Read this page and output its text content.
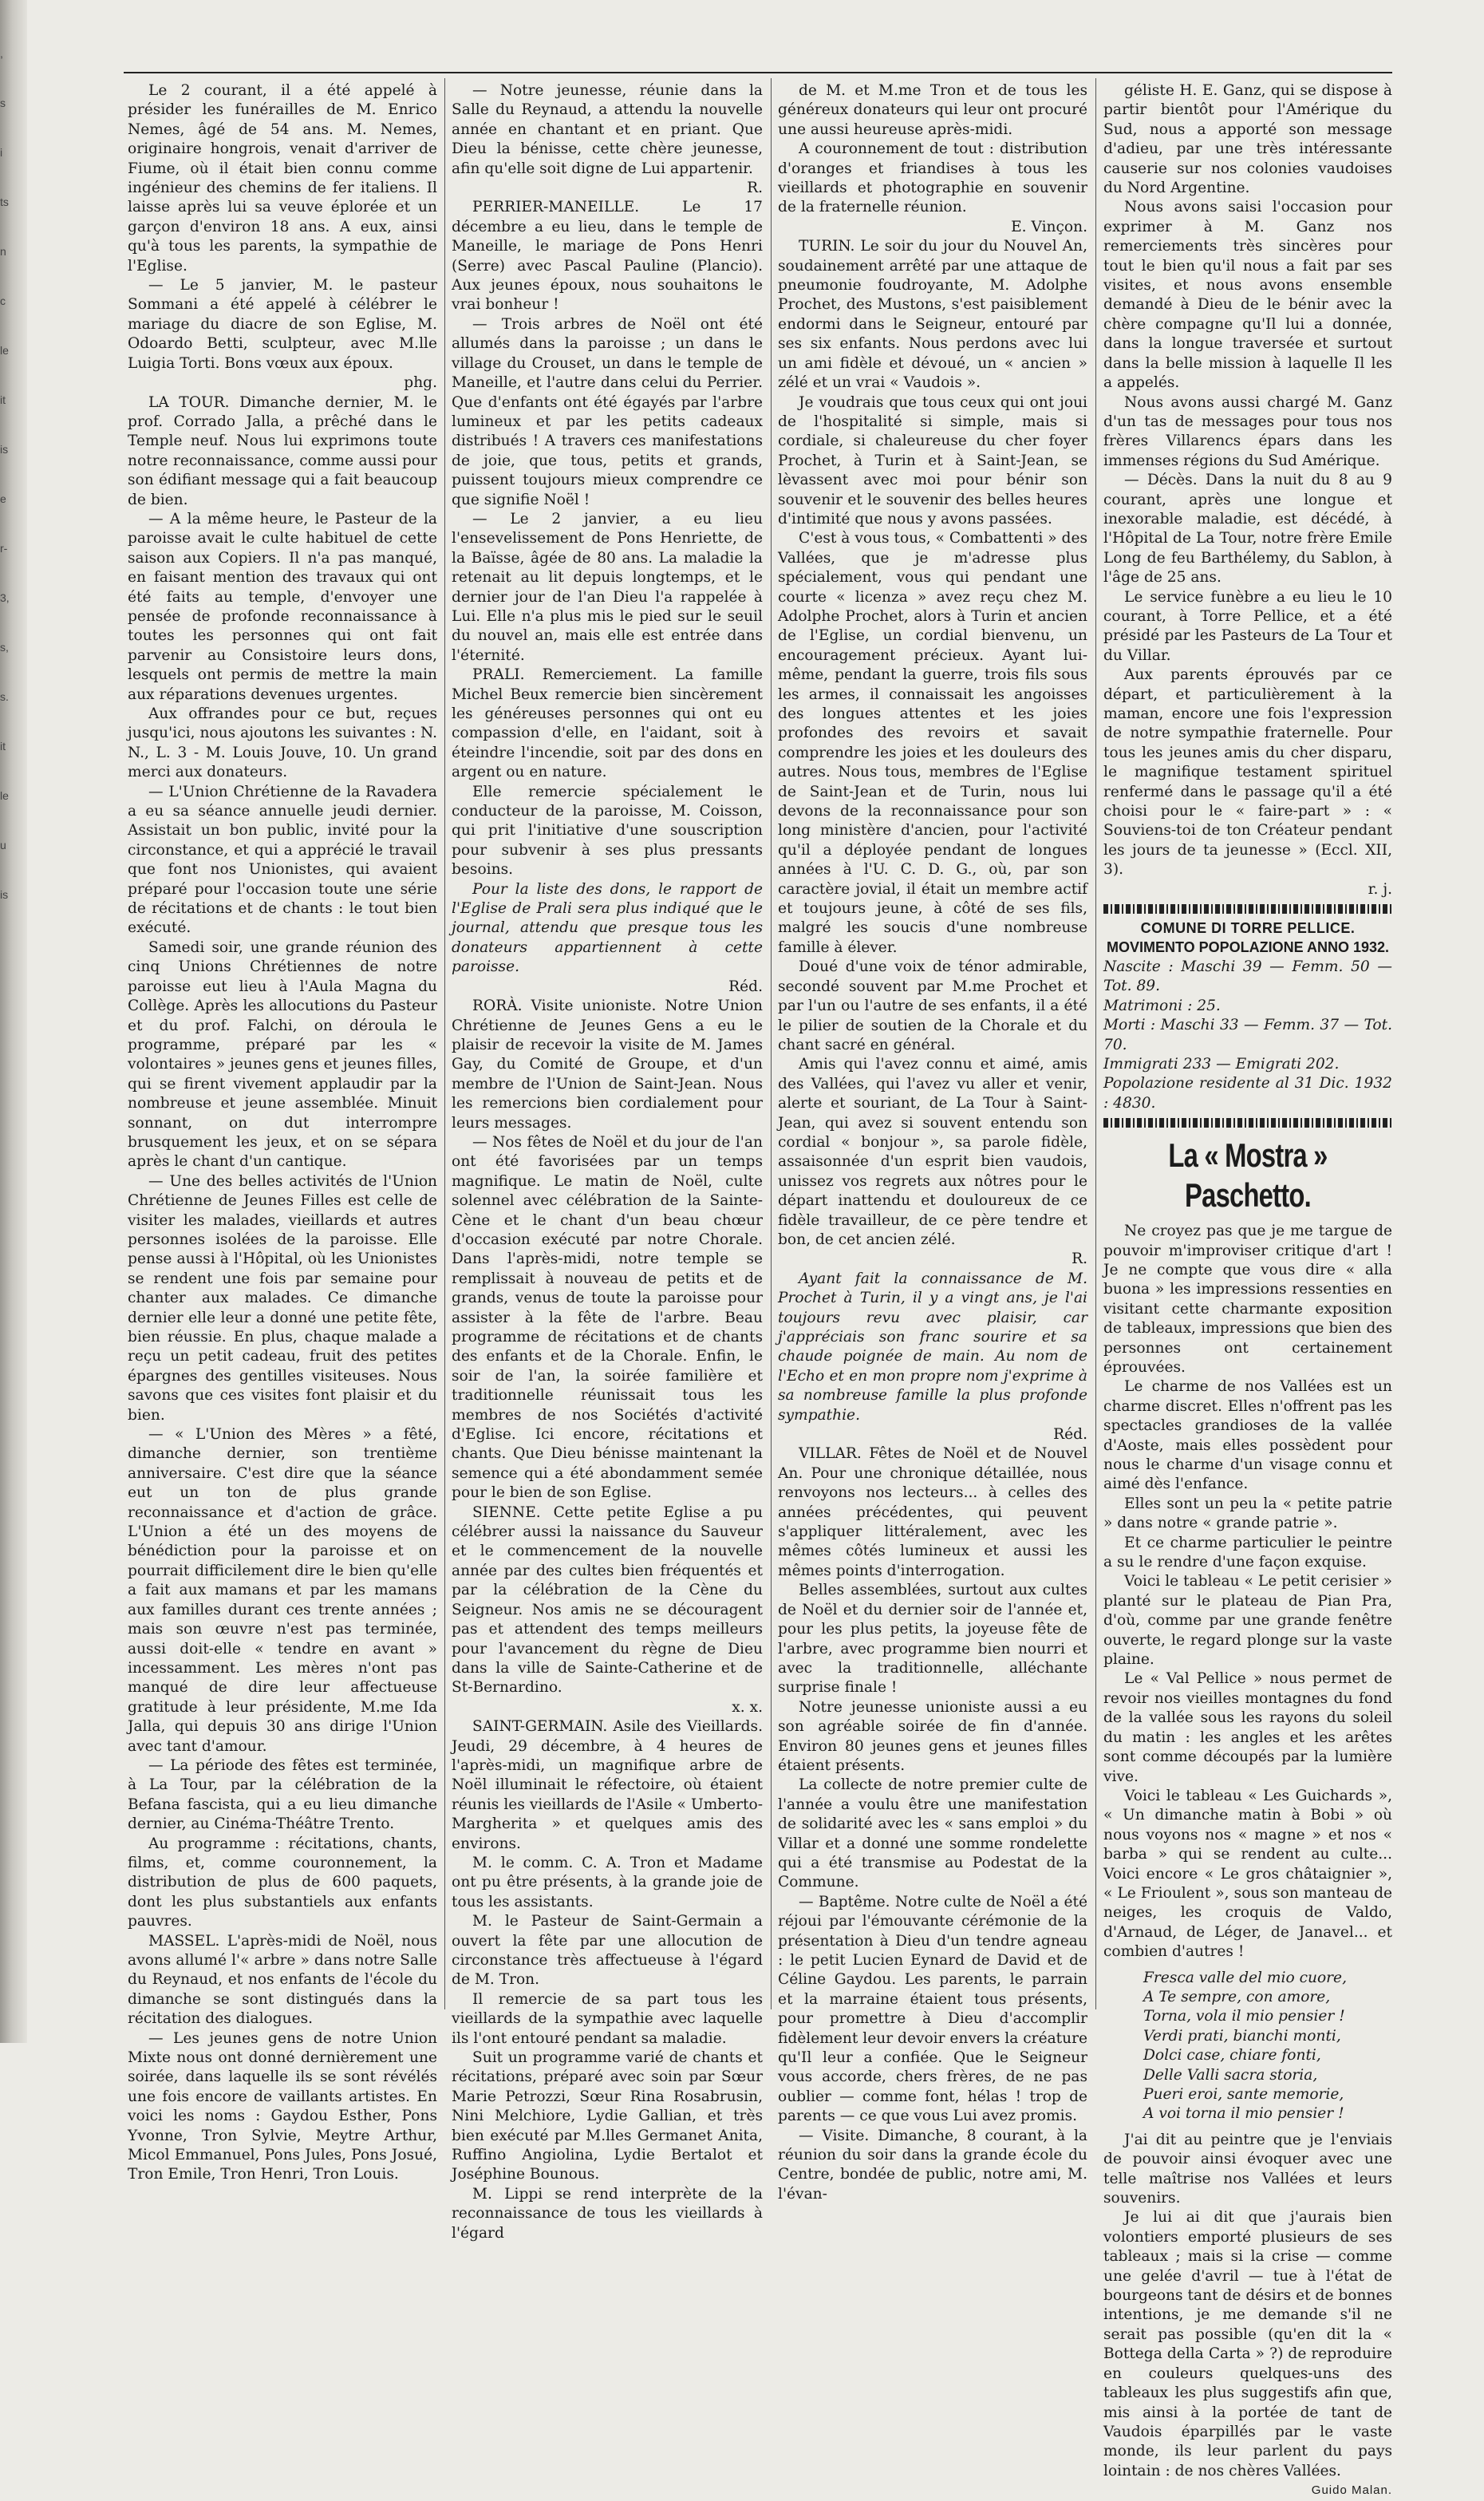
,
s
i
ts
n
c
le
it
is
e
r-
3,
s,
s.
it
le
u
is

Le 2 courant, il a été appelé à présider les funérailles de M. Enrico Nemes, âgé de 54 ans. M. Nemes, originaire hongrois, venait d'arriver de Fiume, où il était bien connu comme ingénieur des chemins de fer italiens. Il laisse après lui sa veuve éplorée et un garçon d'environ 18 ans. A eux, ainsi qu'à tous les parents, la sympathie de l'Eglise.

— Le 5 janvier, M. le pasteur Sommani a été appelé à célébrer le mariage du diacre de son Eglise, M. Odoardo Betti, sculpteur, avec M.lle Luigia Torti. Bons vœux aux époux.

phg.

LA TOUR. Dimanche dernier, M. le prof. Corrado Jalla, a prêché dans le Temple neuf. Nous lui exprimons toute notre reconnaissance, comme aussi pour son édifiant message qui a fait beaucoup de bien.

— A la même heure, le Pasteur de la paroisse avait le culte habituel de cette saison aux Copiers. Il n'a pas manqué, en faisant mention des travaux qui ont été faits au temple, d'envoyer une pensée de profonde reconnaissance à toutes les personnes qui ont fait parvenir au Consistoire leurs dons, lesquels ont permis de mettre la main aux réparations devenues urgentes.

Aux offrandes pour ce but, reçues jusqu'ici, nous ajoutons les suivantes : N. N., L. 3 - M. Louis Jouve, 10. Un grand merci aux donateurs.

— L'Union Chrétienne de la Ravadera a eu sa séance annuelle jeudi dernier. Assistait un bon public, invité pour la circonstance, et qui a apprécié le travail que font nos Unionistes, qui avaient préparé pour l'occasion toute une série de récitations et de chants : le tout bien exécuté.

Samedi soir, une grande réunion des cinq Unions Chrétiennes de notre paroisse eut lieu à l'Aula Magna du Collège. Après les allocutions du Pasteur et du prof. Falchi, on déroula le programme, préparé par les « volontaires » jeunes gens et jeunes filles, qui se firent vivement applaudir par la nombreuse et jeune assemblée. Minuit sonnant, on dut interrompre brusquement les jeux, et on se sépara après le chant d'un cantique.

— Une des belles activités de l'Union Chrétienne de Jeunes Filles est celle de visiter les malades, vieillards et autres personnes isolées de la paroisse. Elle pense aussi à l'Hôpital, où les Unionistes se rendent une fois par semaine pour chanter aux malades. Ce dimanche dernier elle leur a donné une petite fête, bien réussie. En plus, chaque malade a reçu un petit cadeau, fruit des petites épargnes des gentilles visiteuses. Nous savons que ces visites font plaisir et du bien.

— « L'Union des Mères » a fêté, dimanche dernier, son trentième anniversaire. C'est dire que la séance eut un ton de plus grande reconnaissance et d'action de grâce. L'Union a été un des moyens de bénédiction pour la paroisse et on pourrait difficilement dire le bien qu'elle a fait aux mamans et par les mamans aux familles durant ces trente années ; mais son œuvre n'est pas terminée, aussi doit-elle « tendre en avant » incessamment. Les mères n'ont pas manqué de dire leur affectueuse gratitude à leur présidente, M.me Ida Jalla, qui depuis 30 ans dirige l'Union avec tant d'amour.

— La période des fêtes est terminée, à La Tour, par la célébration de la Befana fascista, qui a eu lieu dimanche dernier, au Cinéma-Théâtre Trento.

Au programme : récitations, chants, films, et, comme couronnement, la distribution de plus de 600 paquets, dont les plus substantiels aux enfants pauvres.

MASSEL. L'après-midi de Noël, nous avons allumé l'« arbre » dans notre Salle du Reynaud, et nos enfants de l'école du dimanche se sont distingués dans la récitation des dialogues.

— Les jeunes gens de notre Union Mixte nous ont donné dernièrement une soirée, dans laquelle ils se sont révélés une fois encore de vaillants artistes. En voici les noms : Gaydou Esther, Pons Yvonne, Tron Sylvie, Meytre Arthur, Micol Emmanuel, Pons Jules, Pons Josué, Tron Emile, Tron Henri, Tron Louis.

— Notre jeunesse, réunie dans la Salle du Reynaud, a attendu la nouvelle année en chantant et en priant. Que Dieu la bénisse, cette chère jeunesse, afin qu'elle soit digne de Lui appartenir.

R.

PERRIER-MANEILLE. Le 17 décembre a eu lieu, dans le temple de Maneille, le mariage de Pons Henri (Serre) avec Pascal Pauline (Plancio). Aux jeunes époux, nous souhaitons le vrai bonheur !

— Trois arbres de Noël ont été allumés dans la paroisse ; un dans le village du Crouset, un dans le temple de Maneille, et l'autre dans celui du Perrier. Que d'enfants ont été égayés par l'arbre lumineux et par les petits cadeaux distribués ! A travers ces manifestations de joie, que tous, petits et grands, puissent toujours mieux comprendre ce que signifie Noël !

— Le 2 janvier, a eu lieu l'ensevelissement de Pons Henriette, de la Baïsse, âgée de 80 ans. La maladie la retenait au lit depuis longtemps, et le dernier jour de l'an Dieu l'a rappelée à Lui. Elle n'a plus mis le pied sur le seuil du nouvel an, mais elle est entrée dans l'éternité.

PRALI. Remerciement. La famille Michel Beux remercie bien sincèrement les généreuses personnes qui ont eu compassion d'elle, en l'aidant, soit à éteindre l'incendie, soit par des dons en argent ou en nature.

Elle remercie spécialement le conducteur de la paroisse, M. Coisson, qui prit l'initiative d'une souscription pour subvenir à ses plus pressants besoins.

Pour la liste des dons, le rapport de l'Eglise de Prali sera plus indiqué que le journal, attendu que presque tous les donateurs appartiennent à cette paroisse.

Réd.

RORÀ. Visite unioniste. Notre Union Chrétienne de Jeunes Gens a eu le plaisir de recevoir la visite de M. James Gay, du Comité de Groupe, et d'un membre de l'Union de Saint-Jean. Nous les remercions bien cordialement pour leurs messages.

— Nos fêtes de Noël et du jour de l'an ont été favorisées par un temps magnifique. Le matin de Noël, culte solennel avec célébration de la Sainte-Cène et le chant d'un beau chœur d'occasion exécuté par notre Chorale. Dans l'après-midi, notre temple se remplissait à nouveau de petits et de grands, venus de toute la paroisse pour assister à la fête de l'arbre. Beau programme de récitations et de chants des enfants et de la Chorale. Enfin, le soir de l'an, la soirée familière et traditionnelle réunissait tous les membres de nos Sociétés d'activité d'Eglise. Ici encore, récitations et chants. Que Dieu bénisse maintenant la semence qui a été abondamment semée pour le bien de son Eglise.

SIENNE. Cette petite Eglise a pu célébrer aussi la naissance du Sauveur et le commencement de la nouvelle année par des cultes bien fréquentés et par la célébration de la Cène du Seigneur. Nos amis ne se découragent pas et attendent des temps meilleurs pour l'avancement du règne de Dieu dans la ville de Sainte-Catherine et de St-Bernardino.

x. x.

SAINT-GERMAIN. Asile des Vieillards. Jeudi, 29 décembre, à 4 heures de l'après-midi, un magnifique arbre de Noël illuminait le réfectoire, où étaient réunis les vieillards de l'Asile « Umberto-Margherita » et quelques amis des environs.

M. le comm. C. A. Tron et Madame ont pu être présents, à la grande joie de tous les assistants.

M. le Pasteur de Saint-Germain a ouvert la fête par une allocution de circonstance très affectueuse à l'égard de M. Tron.

Il remercie de sa part tous les vieillards de la sympathie avec laquelle ils l'ont entouré pendant sa maladie.

Suit un programme varié de chants et récitations, préparé avec soin par Sœur Marie Petrozzi, Sœur Rina Rosabrusin, Nini Melchiore, Lydie Gallian, et très bien exécuté par M.lles Germanet Anita, Ruffino Angiolina, Lydie Bertalot et Joséphine Bounous.

M. Lippi se rend interprète de la reconnaissance de tous les vieillards à l'égard

de M. et M.me Tron et de tous les généreux donateurs qui leur ont procuré une aussi heureuse après-midi.

A couronnement de tout : distribution d'oranges et friandises à tous les vieillards et photographie en souvenir de la fraternelle réunion.

E. Vinçon.

TURIN. Le soir du jour du Nouvel An, soudainement arrêté par une attaque de pneumonie foudroyante, M. Adolphe Prochet, des Mustons, s'est paisiblement endormi dans le Seigneur, entouré par ses six enfants. Nous perdons avec lui un ami fidèle et dévoué, un « ancien » zélé et un vrai « Vaudois ».

Je voudrais que tous ceux qui ont joui de l'hospitalité si simple, mais si cordiale, si chaleureuse du cher foyer Prochet, à Turin et à Saint-Jean, se lèvassent avec moi pour bénir son souvenir et le souvenir des belles heures d'intimité que nous y avons passées.

C'est à vous tous, « Combattenti » des Vallées, que je m'adresse plus spécialement, vous qui pendant une courte « licenza » avez reçu chez M. Adolphe Prochet, alors à Turin et ancien de l'Eglise, un cordial bienvenu, un encouragement précieux. Ayant lui-même, pendant la guerre, trois fils sous les armes, il connaissait les angoisses des longues attentes et les joies profondes des revoirs et savait comprendre les joies et les douleurs des autres. Nous tous, membres de l'Eglise de Saint-Jean et de Turin, nous lui devons de la reconnaissance pour son long ministère d'ancien, pour l'activité qu'il a déployée pendant de longues années à l'U. C. D. G., où, par son caractère jovial, il était un membre actif et toujours jeune, à côté de ses fils, malgré les soucis d'une nombreuse famille à élever.

Doué d'une voix de ténor admirable, secondé souvent par M.me Prochet et par l'un ou l'autre de ses enfants, il a été le pilier de soutien de la Chorale et du chant sacré en général.

Amis qui l'avez connu et aimé, amis des Vallées, qui l'avez vu aller et venir, alerte et souriant, de La Tour à Saint-Jean, qui avez si souvent entendu son cordial « bonjour », sa parole fidèle, assaisonnée d'un esprit bien vaudois, unissez vos regrets aux nôtres pour le départ inattendu et douloureux de ce fidèle travailleur, de ce père tendre et bon, de cet ancien zélé.

R.

Ayant fait la connaissance de M. Prochet à Turin, il y a vingt ans, je l'ai toujours revu avec plaisir, car j'appréciais son franc sourire et sa chaude poignée de main. Au nom de l'Echo et en mon propre nom j'exprime à sa nombreuse famille la plus profonde sympathie.

Réd.

VILLAR. Fêtes de Noël et de Nouvel An. Pour une chronique détaillée, nous renvoyons nos lecteurs... à celles des années précédentes, qui peuvent s'appliquer littéralement, avec les mêmes côtés lumineux et aussi les mêmes points d'interrogation.

Belles assemblées, surtout aux cultes de Noël et du dernier soir de l'année et, pour les plus petits, la joyeuse fête de l'arbre, avec programme bien nourri et avec la traditionnelle, alléchante surprise finale !

Notre jeunesse unioniste aussi a eu son agréable soirée de fin d'année. Environ 80 jeunes gens et jeunes filles étaient présents.

La collecte de notre premier culte de l'année a voulu être une manifestation de solidarité avec les « sans emploi » du Villar et a donné une somme rondelette qui a été transmise au Podestat de la Commune.

— Baptême. Notre culte de Noël a été réjoui par l'émouvante cérémonie de la présentation à Dieu d'un tendre agneau : le petit Lucien Eynard de David et de Céline Gaydou. Les parents, le parrain et la marraine étaient tous présents, pour promettre à Dieu d'accomplir fidèlement leur devoir envers la créature qu'Il leur a confiée. Que le Seigneur vous accorde, chers frères, de ne pas oublier — comme font, hélas ! trop de parents — ce que vous Lui avez promis.

— Visite. Dimanche, 8 courant, à la réunion du soir dans la grande école du Centre, bondée de public, notre ami, M. l'évan-

géliste H. E. Ganz, qui se dispose à partir bientôt pour l'Amérique du Sud, nous a apporté son message d'adieu, par une très intéressante causerie sur nos colonies vaudoises du Nord Argentine.

Nous avons saisi l'occasion pour exprimer à M. Ganz nos remerciements très sincères pour tout le bien qu'il nous a fait par ses visites, et nous avons ensemble demandé à Dieu de le bénir avec la chère compagne qu'Il lui a donnée, dans la longue traversée et surtout dans la belle mission à laquelle Il les a appelés.

Nous avons aussi chargé M. Ganz d'un tas de messages pour tous nos frères Villarencs épars dans les immenses régions du Sud Amérique.

— Décès. Dans la nuit du 8 au 9 courant, après une longue et inexorable maladie, est décédé, à l'Hôpital de La Tour, notre frère Emile Long de feu Barthélemy, du Sablon, à l'âge de 25 ans.

Le service funèbre a eu lieu le 10 courant, à Torre Pellice, et a été présidé par les Pasteurs de La Tour et du Villar.

Aux parents éprouvés par ce départ, et particulièrement à la maman, encore une fois l'expression de notre sympathie fraternelle. Pour tous les jeunes amis du cher disparu, le magnifique testament spirituel renfermé dans le passage qu'il a été choisi pour le « faire-part » : « Souviens-toi de ton Créateur pendant les jours de ta jeunesse » (Eccl. XII, 3).

r. j.

COMUNE DI TORRE PELLICE.

MOVIMENTO POPOLAZIONE ANNO 1932.

Nascite : Maschi 39 — Femm. 50 — Tot. 89.

Matrimoni : 25.

Morti : Maschi 33 — Femm. 37 — Tot. 70.

Immigrati 233 — Emigrati 202.

Popolazione residente al 31 Dic. 1932 : 4830.

La « Mostra » Paschetto.

Ne croyez pas que je me targue de pouvoir m'improviser critique d'art ! Je ne compte que vous dire « alla buona » les impressions ressenties en visitant cette charmante exposition de tableaux, impressions que bien des personnes ont certainement éprouvées.

Le charme de nos Vallées est un charme discret. Elles n'offrent pas les spectacles grandioses de la vallée d'Aoste, mais elles possèdent pour nous le charme d'un visage connu et aimé dès l'enfance.

Elles sont un peu la « petite patrie » dans notre « grande patrie ».

Et ce charme particulier le peintre a su le rendre d'une façon exquise.

Voici le tableau « Le petit cerisier » planté sur le plateau de Pian Pra, d'où, comme par une grande fenêtre ouverte, le regard plonge sur la vaste plaine.

Le « Val Pellice » nous permet de revoir nos vieilles montagnes du fond de la vallée sous les rayons du soleil du matin : les angles et les arêtes sont comme découpés par la lumière vive.

Voici le tableau « Les Guichards », « Un dimanche matin à Bobi » où nous voyons nos « magne » et nos « barba » qui se rendent au culte... Voici encore « Le gros châtaignier », « Le Frioulent », sous son manteau de neiges, les croquis de Valdo, d'Arnaud, de Léger, de Janavel... et combien d'autres !

Fresca valle del mio cuore,
A Te sempre, con amore,
Torna, vola il mio pensier !
Verdi prati, bianchi monti,
Dolci case, chiare fonti,
Delle Valli sacra storia,
Pueri eroi, sante memorie,
A voi torna il mio pensier !

J'ai dit au peintre que je l'enviais de pouvoir ainsi évoquer avec une telle maîtrise nos Vallées et leurs souvenirs.

Je lui ai dit que j'aurais bien volontiers emporté plusieurs de ses tableaux ; mais si la crise — comme une gelée d'avril — tue à l'état de bourgeons tant de désirs et de bonnes intentions, je me demande s'il ne serait pas possible (qu'en dit la « Bottega della Carta » ?) de reproduire en couleurs quelques-uns des tableaux les plus suggestifs afin que, mis ainsi à la portée de tant de Vaudois éparpillés par le vaste monde, ils leur parlent du pays lointain : de nos chères Vallées.

Guido Malan.
